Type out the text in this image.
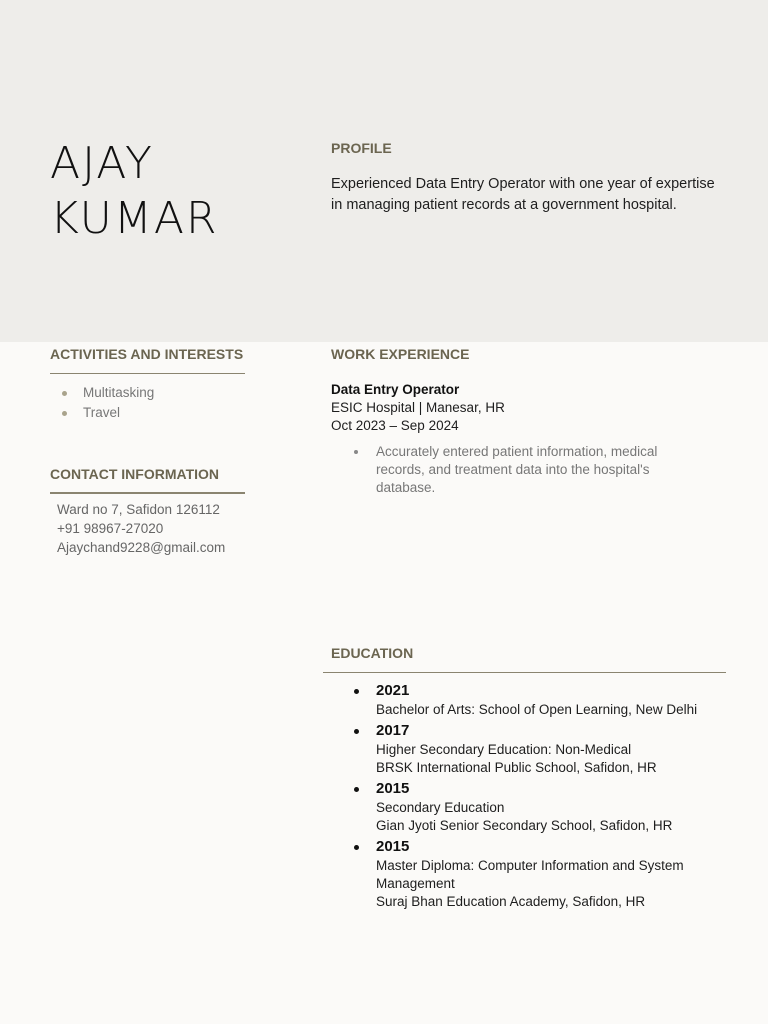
AJAY
KUMAR
PROFILE

Experienced Data Entry Operator with one year of expertise in managing patient records at a government hospital.

ACTIVITIES AND INTERESTS
Multitasking
Travel
CONTACT INFORMATION
Ward no 7, Safidon 126112
+91 98967-27020
Ajaychand9228@gmail.com
WORK EXPERIENCE
Data Entry Operator
ESIC Hospital | Manesar, HR
Oct 2023 – Sep 2024
Accurately entered patient information, medical records, and treatment data into the hospital's database.
EDUCATION
2021
Bachelor of Arts: School of Open Learning, New Delhi
2017
Higher Secondary Education: Non-Medical
BRSK International Public School, Safidon, HR
2015
Secondary Education
Gian Jyoti Senior Secondary School, Safidon, HR
2015
Master Diploma: Computer Information and System Management
Suraj Bhan Education Academy, Safidon, HR
